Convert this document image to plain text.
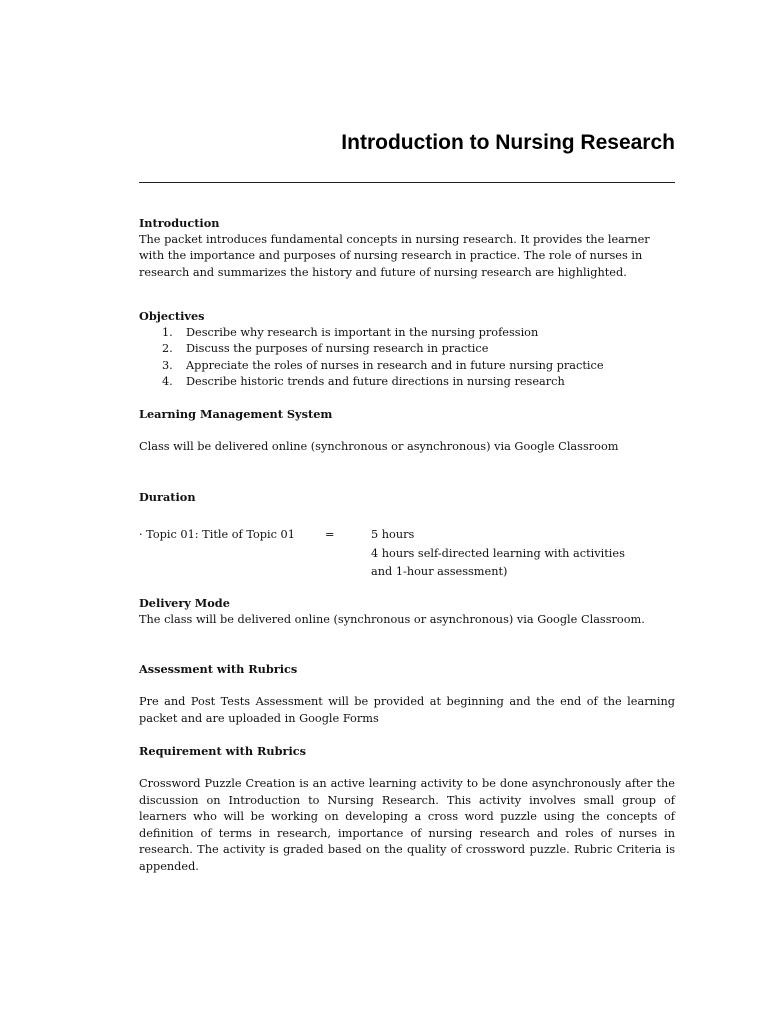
Introduction to Nursing Research

Introduction

The packet introduces fundamental concepts in nursing research. It provides the learner with the importance and purposes of nursing research in practice. The role of nurses in research and summarizes the history and future of nursing research are highlighted.

Objectives

1. Describe why research is important in the nursing profession
2. Discuss the purposes of nursing research in practice
3. Appreciate the roles of nurses in research and in future nursing practice
4. Describe historic trends and future directions in nursing research

Learning Management System

Class will be delivered online (synchronous or asynchronous) via Google Classroom

Duration

· Topic 01: Title of Topic 01	=	5 hours
4 hours self-directed learning with activities
and 1-hour assessment)

Delivery Mode

The class will be delivered online (synchronous or asynchronous) via Google Classroom.

Assessment with Rubrics

Pre and Post Tests Assessment will be provided at beginning and the end of the learning packet and are uploaded in Google Forms

Requirement with Rubrics

Crossword Puzzle Creation is an active learning activity to be done asynchronously after the discussion on Introduction to Nursing Research. This activity involves small group of learners who will be working on developing a cross word puzzle using the concepts of definition of terms in research, importance of nursing research and roles of nurses in research. The activity is graded based on the quality of crossword puzzle. Rubric Criteria is appended.
